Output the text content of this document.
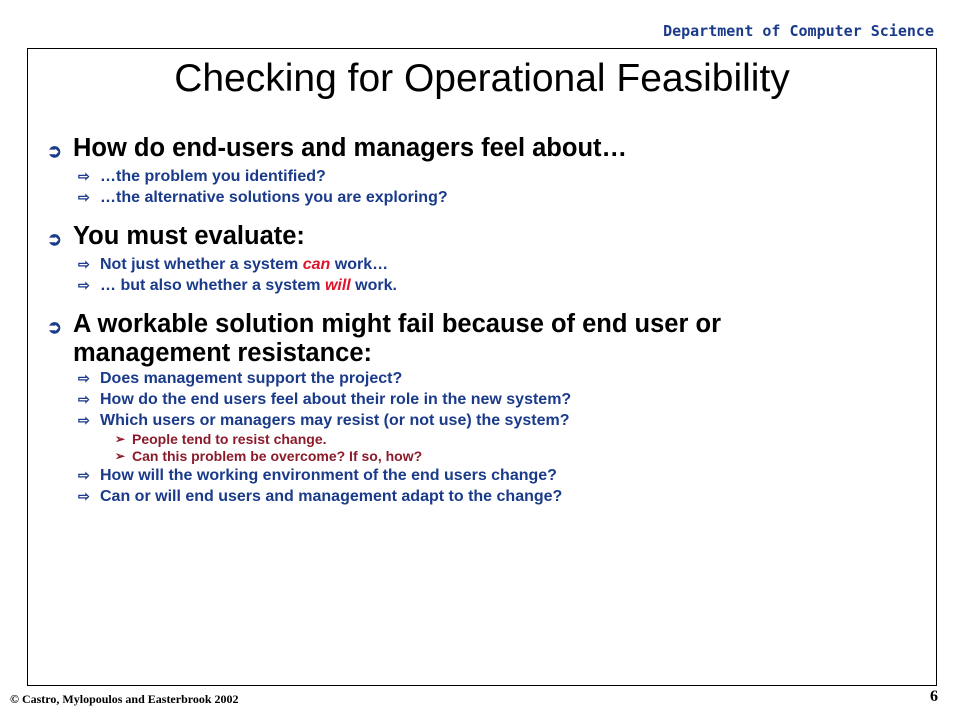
Department of Computer Science
Checking for Operational Feasibility
➲ How do end-users and managers feel about…
⇨ …the problem you identified?
⇨ …the alternative solutions you are exploring?
➲ You must evaluate:
⇨ Not just whether a system can work…
⇨ … but also whether a system will work.
➲ A workable solution might fail because of end user or
management resistance:
⇨ Does management support the project?
⇨ How do the end users feel about their role in the new system?
⇨ Which users or managers may resist (or not use) the system?
➢ People tend to resist change.
➢ Can this problem be overcome? If so, how?
⇨ How will the working environment of the end users change?
⇨ Can or will end users and management adapt to the change?
© Castro, Mylopoulos and Easterbrook 2002	6
